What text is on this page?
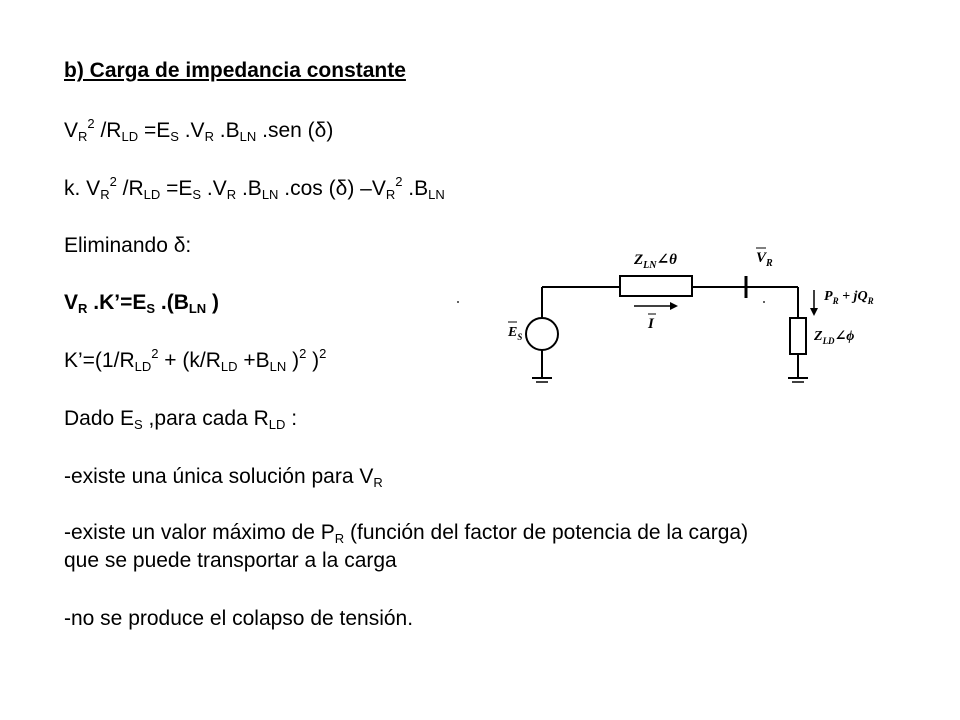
b) Carga de impedancia constante
$V_R^2$ $/R_{LD} =E_S$ $.V_R$ $.B_{LN}$ .sen (δ)
k. $V_R^2$ $/R_{LD} =E_S$ $.V_R$ $.B_{LN}$ .cos (δ) $-V_R^2$ $.B_{LN}$
Eliminando δ:
$V_R$ $.K’=E_S$ $.(B_{LN}$ )
$K’=(1/R_{LD}^2 + (k/R_{LD} +B_{LN}$ )$^2$ )$^2$
Dado $E_S$ ,para cada $R_{LD}$ :
-existe una única solución para $V_R$
-existe un valor máximo de $P_R$ (función del factor de potencia de la carga)
que se puede transportar a la carga
-no se produce el colapso de tensión.
$Z_{LN}\angle\theta$	$V_R$
I
$E_S$
$P_R + jQ_R$
$Z_{LD}\angle\phi$
